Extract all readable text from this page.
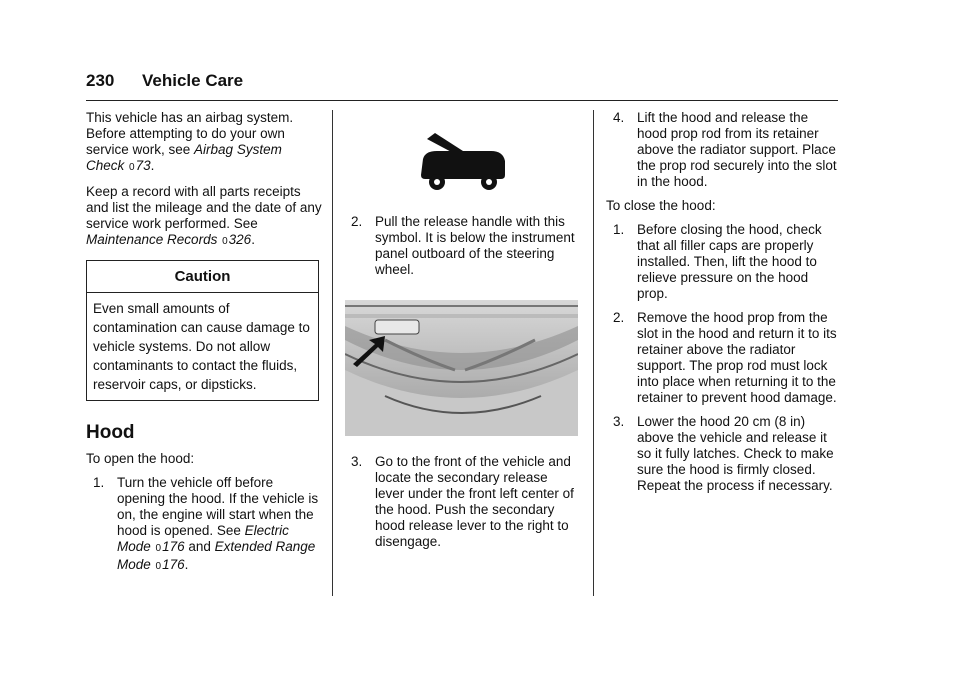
230 Vehicle Care

This vehicle has an airbag system. Before attempting to do your own service work, see Airbag System Check 073.

Keep a record with all parts receipts and list the mileage and the date of any service work performed. See Maintenance Records 0326.

Caution
Even small amounts of contamination can cause damage to vehicle systems. Do not allow contaminants to contact the fluids, reservoir caps, or dipsticks.
Hood

To open the hood:

1. Turn the vehicle off before opening the hood. If the vehicle is on, the engine will start when the hood is opened. See Electric Mode 0176 and Extended Range Mode 0176.
2. Pull the release handle with this symbol. It is below the instrument panel outboard of the steering wheel.
3. Go to the front of the vehicle and locate the secondary release lever under the front left center of the hood. Push the secondary hood release lever to the right to disengage.
4. Lift the hood and release the hood prop rod from its retainer above the radiator support. Place the prop rod securely into the slot in the hood.

To close the hood:

1. Before closing the hood, check that all filler caps are properly installed. Then, lift the hood to relieve pressure on the hood prop.
2. Remove the hood prop from the slot in the hood and return it to its retainer above the radiator support. The prop rod must lock into place when returning it to the retainer to prevent hood damage.
3. Lower the hood 20 cm (8 in) above the vehicle and release it so it fully latches. Check to make sure the hood is firmly closed. Repeat the process if necessary.
